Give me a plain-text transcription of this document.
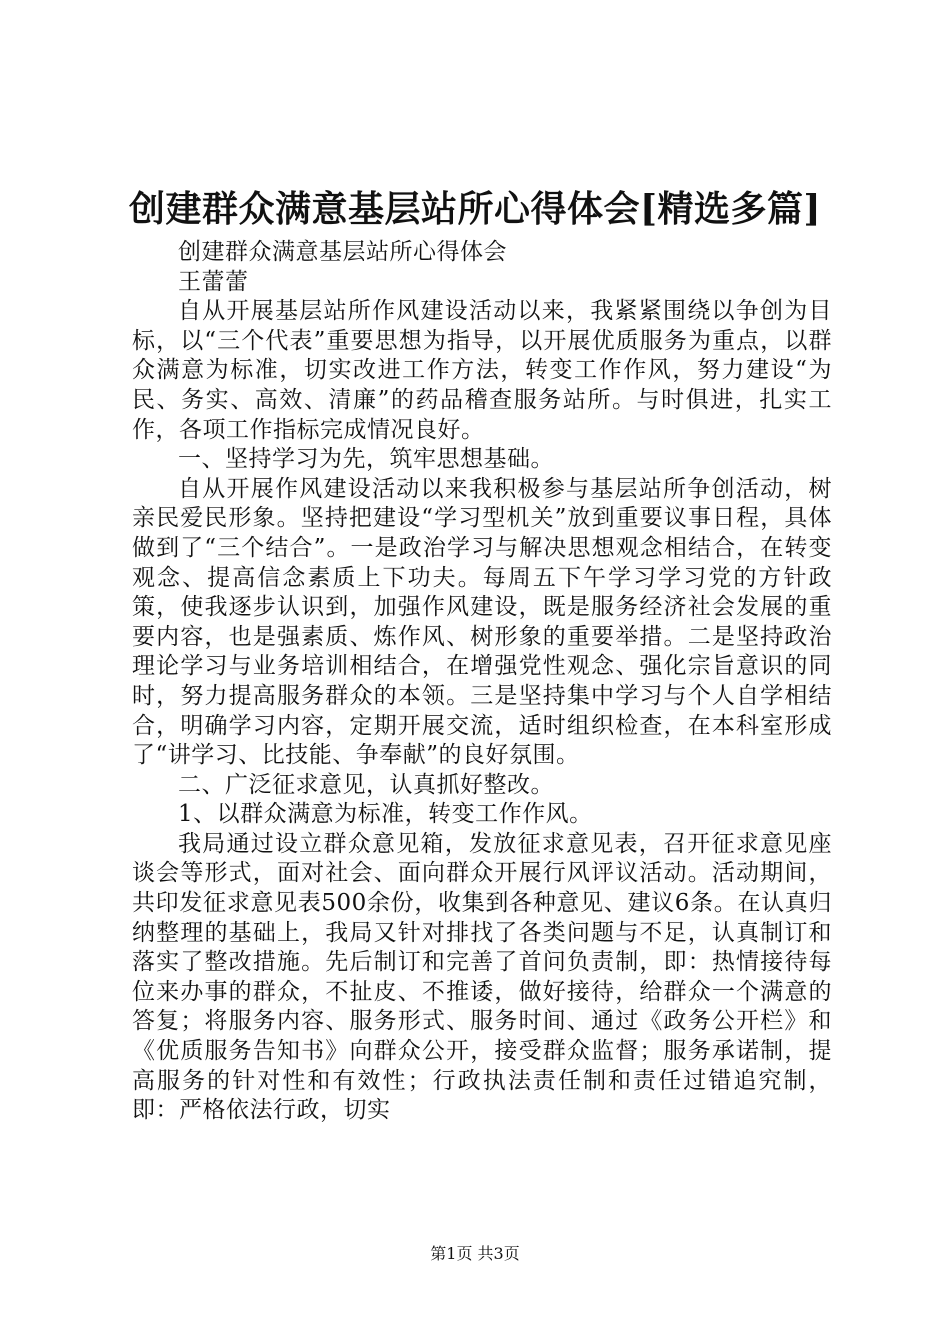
创建群众满意基层站所心得体会[精选多篇]

创建群众满意基层站所心得体会

王蕾蕾

自从开展基层站所作风建设活动以来，我紧紧围绕以争创为目标，以“三个代表”重要思想为指导，以开展优质服务为重点，以群众满意为标准，切实改进工作方法，转变工作作风，努力建设“为民、务实、高效、清廉”的药品稽查服务站所。与时俱进，扎实工作，各项工作指标完成情况良好。

一、坚持学习为先，筑牢思想基础。

自从开展作风建设活动以来我积极参与基层站所争创活动，树亲民爱民形象。坚持把建设“学习型机关”放到重要议事日程，具体做到了“三个结合”。一是政治学习与解决思想观念相结合，在转变观念、提高信念素质上下功夫。每周五下午学习学习党的方针政策，使我逐步认识到，加强作风建设，既是服务经济社会发展的重要内容，也是强素质、炼作风、树形象的重要举措。二是坚持政治理论学习与业务培训相结合，在增强党性观念、强化宗旨意识的同时，努力提高服务群众的本领。三是坚持集中学习与个人自学相结合，明确学习内容，定期开展交流，适时组织检查，在本科室形成了“讲学习、比技能、争奉献”的良好氛围。

二、广泛征求意见，认真抓好整改。

1、以群众满意为标准，转变工作作风。

我局通过设立群众意见箱，发放征求意见表，召开征求意见座谈会等形式，面对社会、面向群众开展行风评议活动。活动期间，共印发征求意见表500余份，收集到各种意见、建议6条。在认真归纳整理的基础上，我局又针对排找了各类问题与不足，认真制订和落实了整改措施。先后制订和完善了首问负责制，即：热情接待每位来办事的群众，不扯皮、不推诿，做好接待，给群众一个满意的答复；将服务内容、服务形式、服务时间、通过《政务公开栏》和《优质服务告知书》向群众公开，接受群众监督；服务承诺制，提高服务的针对性和有效性；行政执法责任制和责任过错追究制，即：严格依法行政，切实

第1页 共3页
